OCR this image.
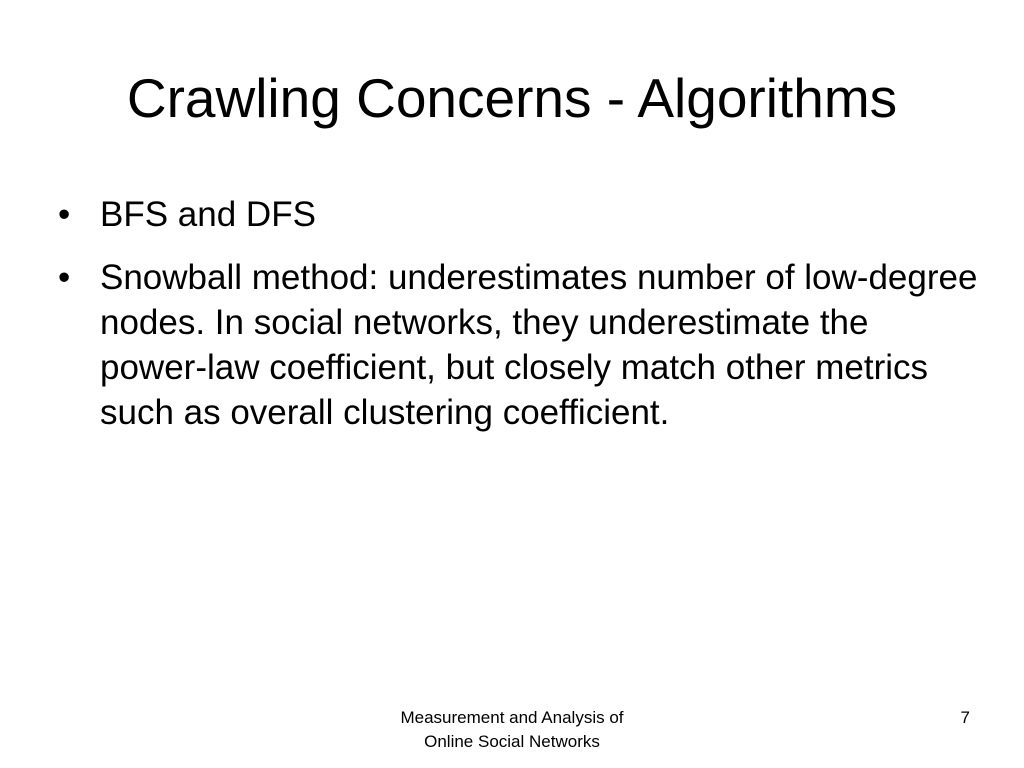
Crawling Concerns - Algorithms
• BFS and DFS
• Snowball method: underestimates number of low-degree nodes. In social networks, they underestimate the power-law coefficient, but closely match other metrics such as overall clustering coefficient.
Measurement and Analysis of
Online Social Networks
7
